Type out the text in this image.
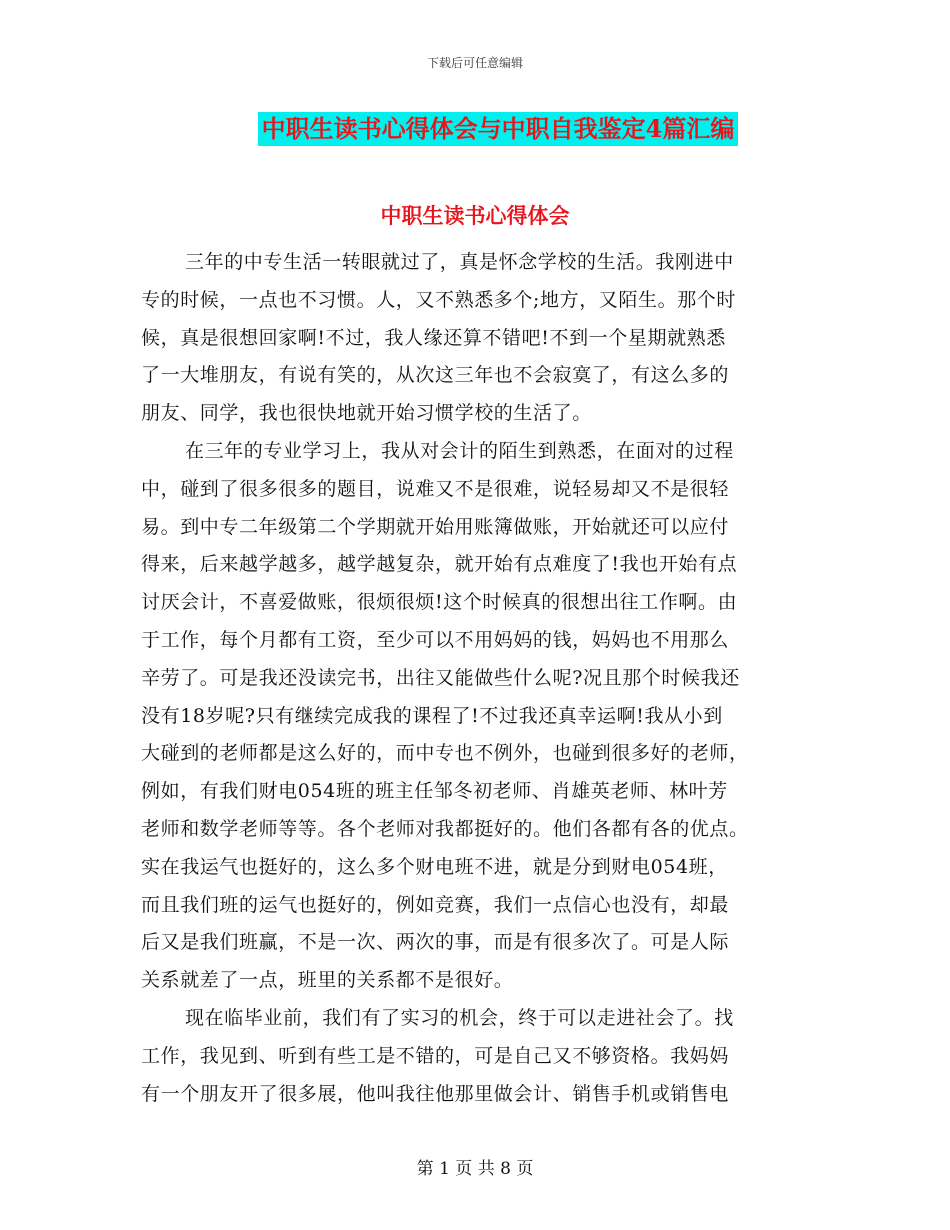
下载后可任意编辑
中职生读书心得体会与中职自我鉴定4篇汇编
中职生读书心得体会
三年的中专生活一转眼就过了，真是怀念学校的生活。我刚进中
专的时候，一点也不习惯。人，又不熟悉多个;地方，又陌生。那个时
候，真是很想回家啊!不过，我人缘还算不错吧!不到一个星期就熟悉
了一大堆朋友，有说有笑的，从次这三年也不会寂寞了，有这么多的
朋友、同学，我也很快地就开始习惯学校的生活了。
在三年的专业学习上，我从对会计的陌生到熟悉，在面对的过程
中，碰到了很多很多的题目，说难又不是很难，说轻易却又不是很轻
易。到中专二年级第二个学期就开始用账簿做账，开始就还可以应付
得来，后来越学越多，越学越复杂，就开始有点难度了!我也开始有点
讨厌会计，不喜爱做账，很烦很烦!这个时候真的很想出往工作啊。由
于工作，每个月都有工资，至少可以不用妈妈的钱，妈妈也不用那么
辛劳了。可是我还没读完书，出往又能做些什么呢?况且那个时候我还
没有18岁呢?只有继续完成我的课程了!不过我还真幸运啊!我从小到
大碰到的老师都是这么好的，而中专也不例外，也碰到很多好的老师，
例如，有我们财电054班的班主任邹冬初老师、肖雄英老师、林叶芳
老师和数学老师等等。各个老师对我都挺好的。他们各都有各的优点。
实在我运气也挺好的，这么多个财电班不进，就是分到财电054班，
而且我们班的运气也挺好的，例如竞赛，我们一点信心也没有，却最
后又是我们班赢，不是一次、两次的事，而是有很多次了。可是人际
关系就差了一点，班里的关系都不是很好。
现在临毕业前，我们有了实习的机会，终于可以走进社会了。找
工作，我见到、听到有些工是不错的，可是自己又不够资格。我妈妈
有一个朋友开了很多展，他叫我往他那里做会计、销售手机或销售电
第 1 页 共 8 页
